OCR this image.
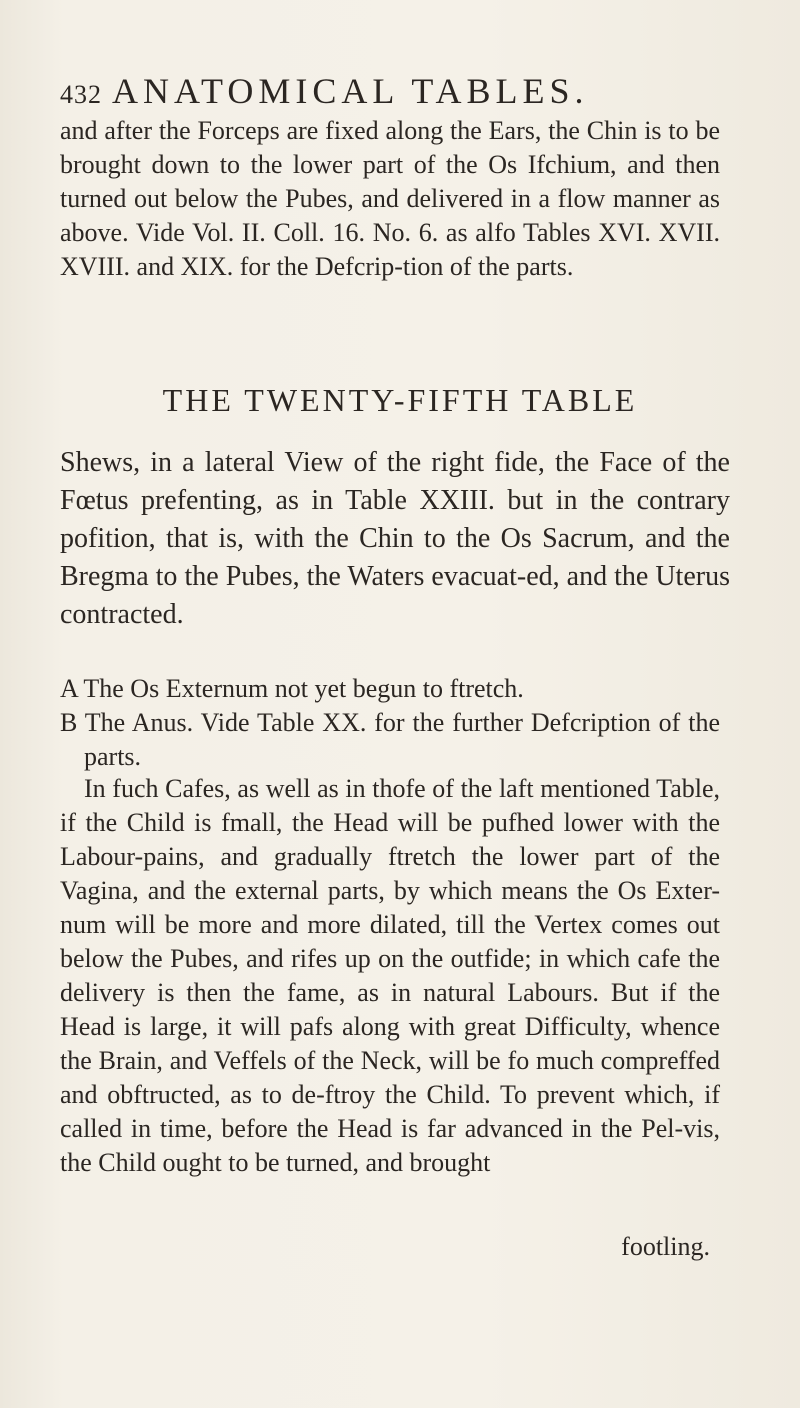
432 ANATOMICAL TABLES.

and after the Forceps are fixed along the Ears, the Chin is to be brought down to the lower part of the Os Ifchium, and then turned out below the Pubes, and delivered in a flow manner as above. Vide Vol. II. Coll. 16. No. 6. as alfo Tables XVI. XVII. XVIII. and XIX. for the Defcrip-tion of the parts.

THE TWENTY-FIFTH TABLE

Shews, in a lateral View of the right fide, the Face of the Fœtus prefenting, as in Table XXIII. but in the contrary pofition, that is, with the Chin to the Os Sacrum, and the Bregma to the Pubes, the Waters evacuat-ed, and the Uterus contracted.

A The Os Externum not yet begun to ftretch.

B The Anus. Vide Table XX. for the further Defcription of the parts.

In fuch Cafes, as well as in thofe of the laft mentioned Table, if the Child is fmall, the Head will be pufhed lower with the Labour-pains, and gradually ftretch the lower part of the Vagina, and the external parts, by which means the Os Exter-num will be more and more dilated, till the Vertex comes out below the Pubes, and rifes up on the outfide; in which cafe the delivery is then the fame, as in natural Labours. But if the Head is large, it will pafs along with great Difficulty, whence the Brain, and Veffels of the Neck, will be fo much compreffed and obftructed, as to de-ftroy the Child. To prevent which, if called in time, before the Head is far advanced in the Pel-vis, the Child ought to be turned, and brought

footling.
